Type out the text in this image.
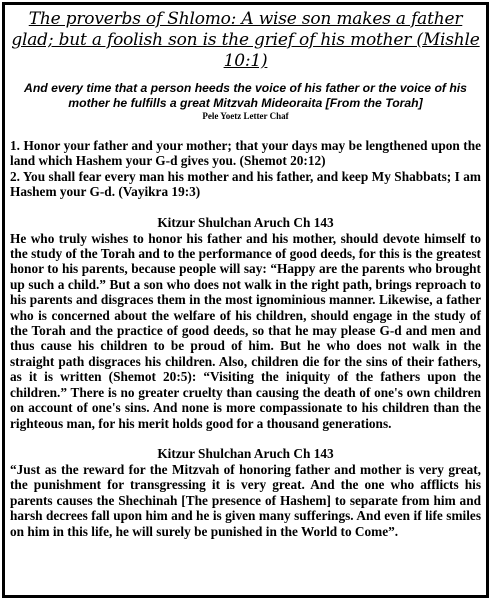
The proverbs of Shlomo: A wise son makes a father glad; but a foolish son is the grief of his mother (Mishle 10:1)
And every time that a person heeds the voice of his father or the voice of his mother he fulfills a great Mitzvah Mideoraita [From the Torah]
Pele Yoetz Letter Chaf
1. Honor your father and your mother; that your days may be lengthened upon the land which Hashem your G-d gives you. (Shemot 20:12)
2. You shall fear every man his mother and his father, and keep My Shabbats; I am Hashem your G-d. (Vayikra 19:3)
Kitzur Shulchan Aruch Ch 143
He who truly wishes to honor his father and his mother, should devote himself to the study of the Torah and to the performance of good deeds, for this is the greatest honor to his parents, because people will say: “Happy are the parents who brought up such a child.” But a son who does not walk in the right path, brings reproach to his parents and disgraces them in the most ignominious manner. Likewise, a father who is concerned about the welfare of his children, should engage in the study of the Torah and the practice of good deeds, so that he may please G-d and men and thus cause his children to be proud of him. But he who does not walk in the straight path disgraces his children. Also, children die for the sins of their fathers, as it is written (Shemot 20:5): “Visiting the iniquity of the fathers upon the children.” There is no greater cruelty than causing the death of one's own children on account of one's sins. And none is more compassionate to his children than the righteous man, for his merit holds good for a thousand generations.
Kitzur Shulchan Aruch Ch 143
“Just as the reward for the Mitzvah of honoring father and mother is very great, the punishment for transgressing it is very great. And the one who afflicts his parents causes the Shechinah [The presence of Hashem] to separate from him and harsh decrees fall upon him and he is given many sufferings. And even if life smiles on him in this life, he will surely be punished in the World to Come”.
